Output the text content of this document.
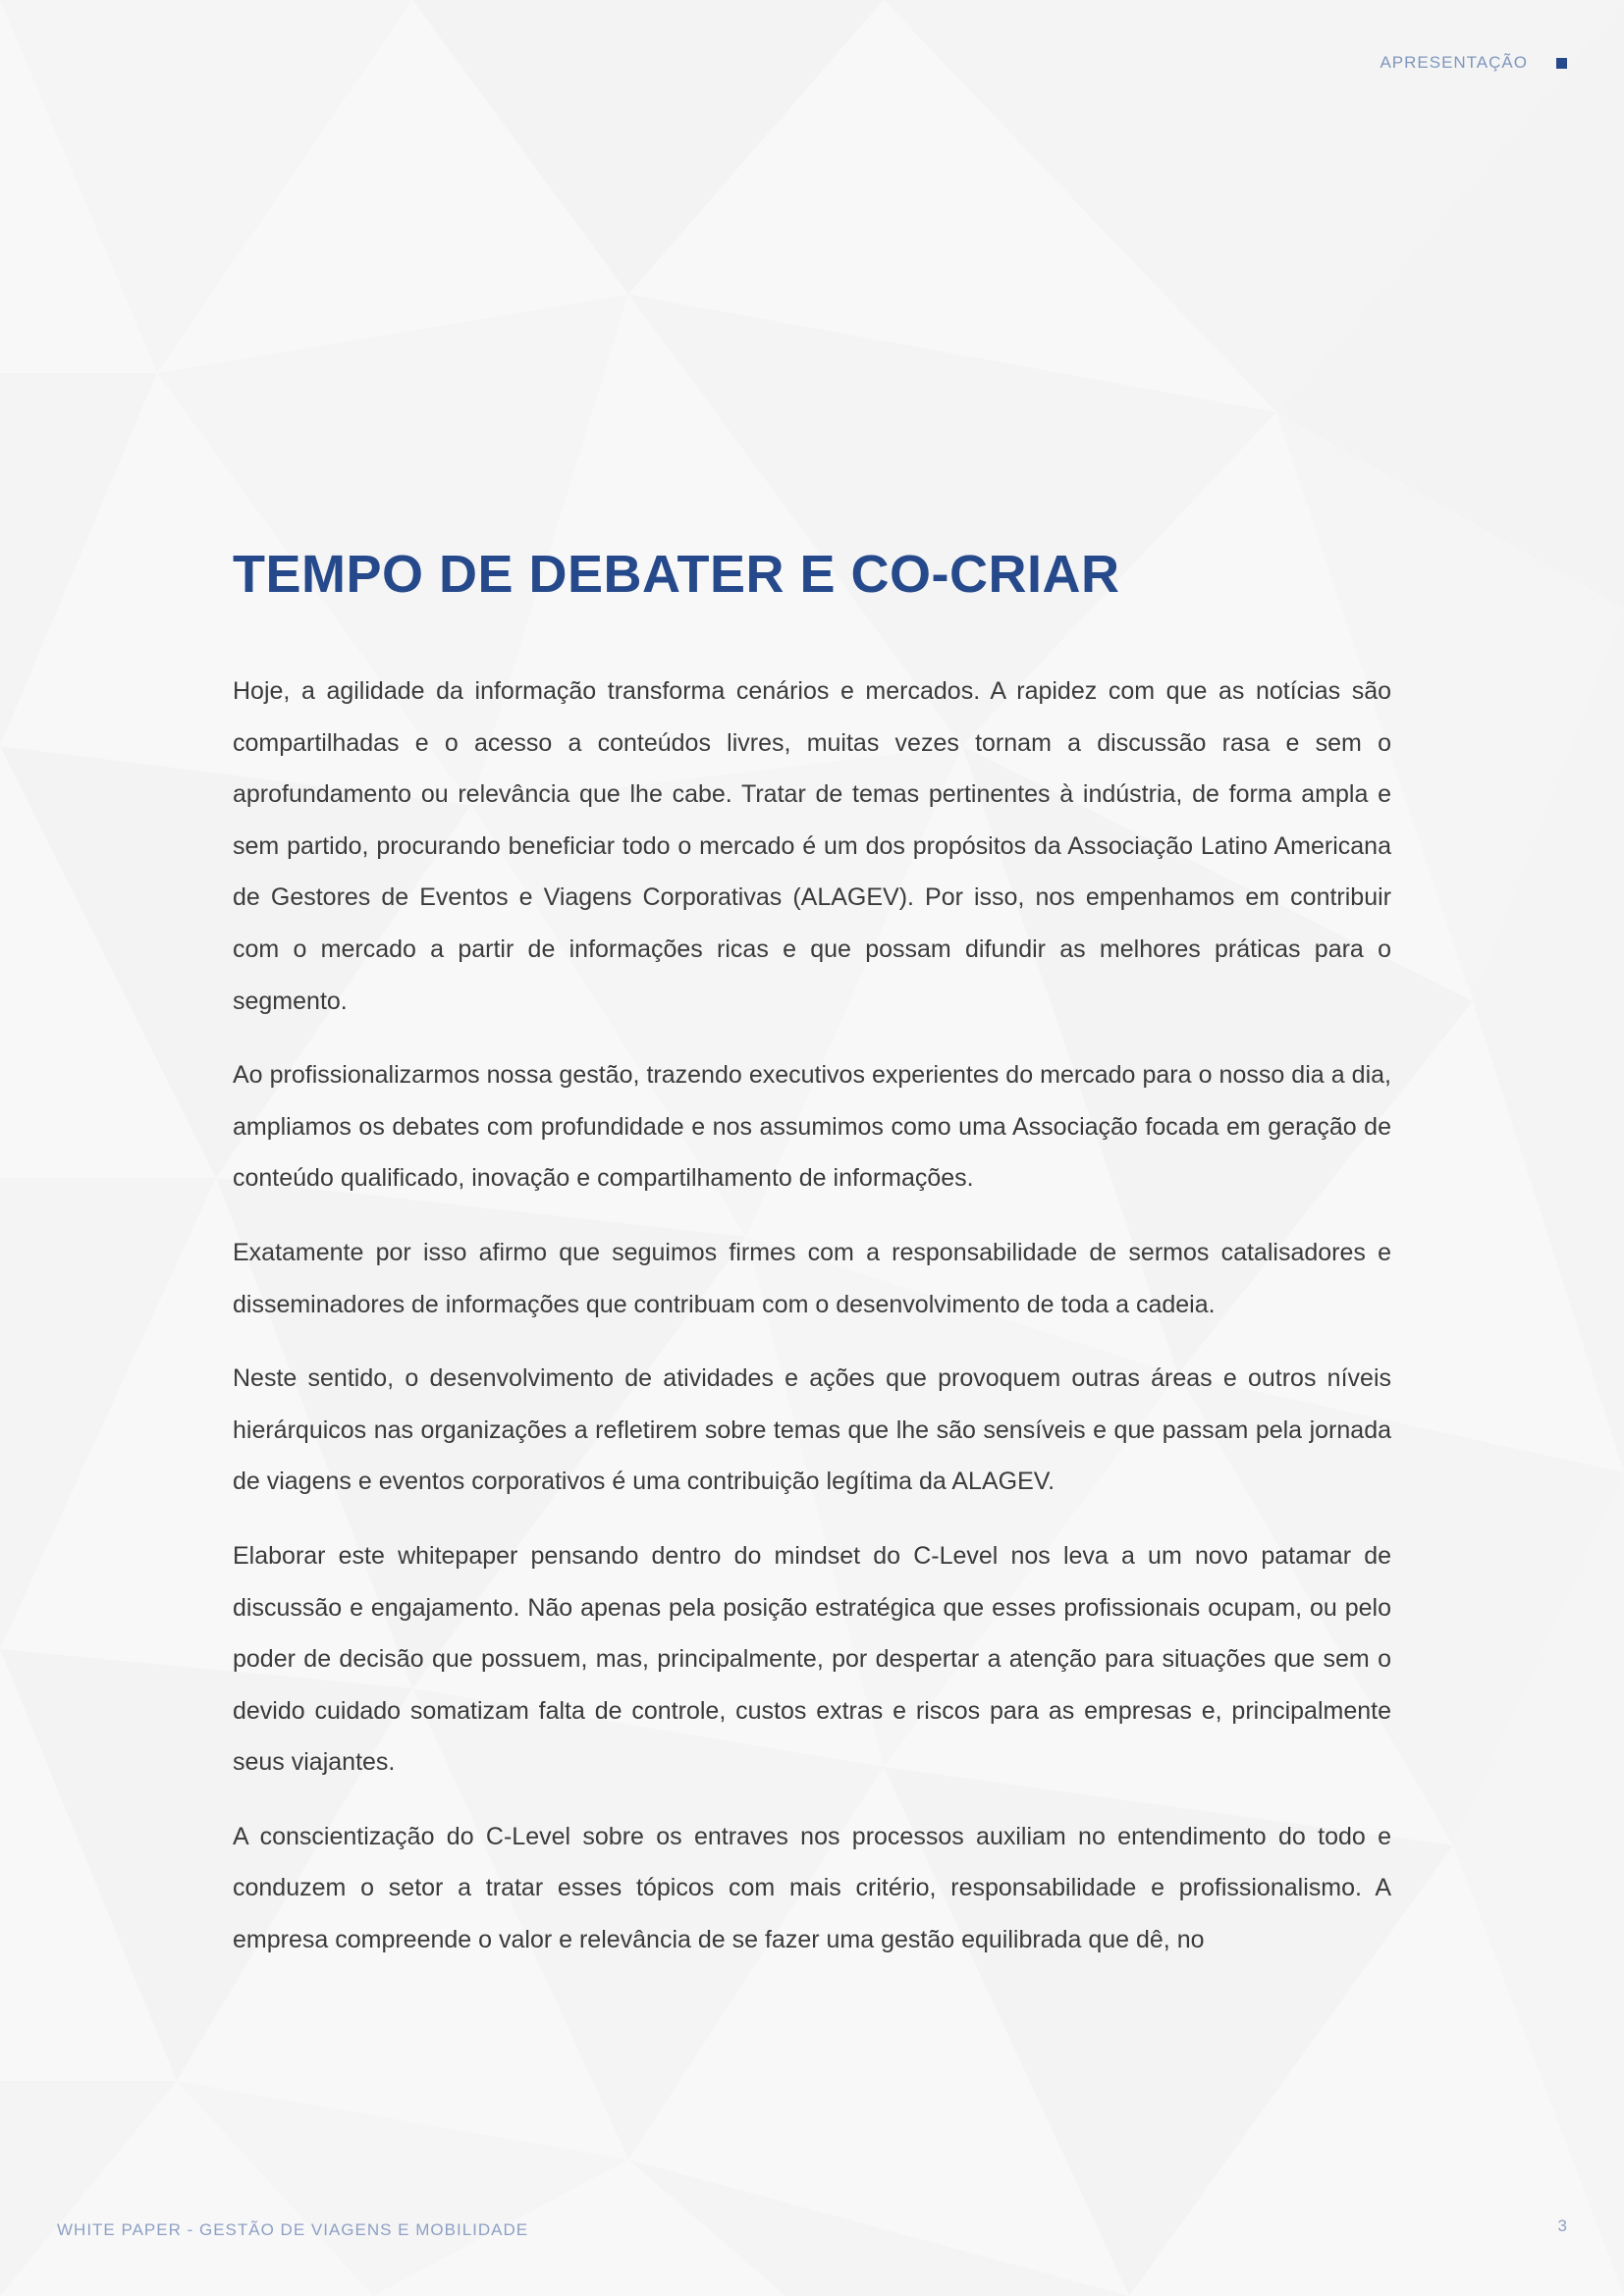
APRESENTAÇÃO
TEMPO DE DEBATER E CO-CRIAR

Hoje, a agilidade da informação transforma cenários e mercados. A rapidez com que as notícias são compartilhadas e o acesso a conteúdos livres, muitas vezes tornam a discussão rasa e sem o aprofundamento ou relevância que lhe cabe. Tratar de temas pertinentes à indústria, de forma ampla e sem partido, procurando beneficiar todo o mercado é um dos propósitos da Associação Latino Americana de Gestores de Eventos e Viagens Corporativas (ALAGEV). Por isso, nos empenhamos em contribuir com o mercado a partir de informações ricas e que possam difundir as melhores práticas para o segmento.

Ao profissionalizarmos nossa gestão, trazendo executivos experientes do mercado para o nosso dia a dia, ampliamos os debates com profundidade e nos assumimos como uma Associação focada em geração de conteúdo qualificado, inovação e compartilhamento de informações.

Exatamente por isso afirmo que seguimos firmes com a responsabilidade de sermos catalisadores e disseminadores de informações que contribuam com o desenvolvimento de toda a cadeia.

Neste sentido, o desenvolvimento de atividades e ações que provoquem outras áreas e outros níveis hierárquicos nas organizações a refletirem sobre temas que lhe são sensíveis e que passam pela jornada de viagens e eventos corporativos é uma contribuição legítima da ALAGEV.

Elaborar este whitepaper pensando dentro do mindset do C-Level nos leva a um novo patamar de discussão e engajamento. Não apenas pela posição estratégica que esses profissionais ocupam, ou pelo poder de decisão que possuem, mas, principalmente, por despertar a atenção para situações que sem o devido cuidado somatizam falta de controle, custos extras e riscos para as empresas e, principalmente seus viajantes.

A conscientização do C-Level sobre os entraves nos processos auxiliam no entendimento do todo e conduzem o setor a tratar esses tópicos com mais critério, responsabilidade e profissionalismo. A empresa compreende o valor e relevância de se fazer uma gestão equilibrada que dê, no

WHITE PAPER - GESTÃO DE VIAGENS E MOBILIDADE	3
